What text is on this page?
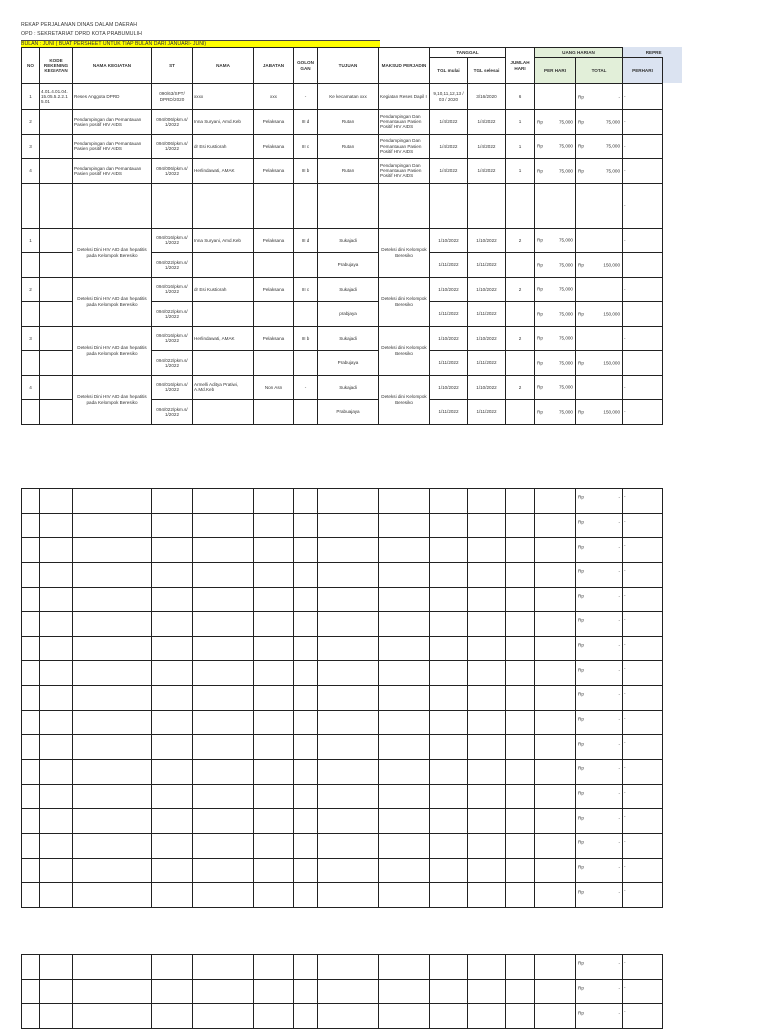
REKAP PERJALANAN DINAS DALAM DAERAH
OPD : SEKRETARIAT DPRD KOTA PRABUMULIH
BULAN : JUNI ( BUAT PERSHEET UNTUK TIAP BULAN DARI JANUARI- JUNI)
NO	KODE REKENING KEGIATAN	NAMA KEGIATAN	ST	NAMA	JABATAN	GOLON GAN	TUJUAN	MAKSUD PERJADIN	TANGGAL		JUMLAH HARI	UANG HARIAN		REPRE
									TGL mulai	TGL selesai		PER HARI	TOTAL	PERHARI
1	4.01.4.01.04. 15.05.5.2.2.1 5.01	Reses Anggota DPRD	090/63/SPT/ DPRD/2020	xxxx	xxx	-	Ke kecamatan xxx	Kegiatan Reses Dapil I	9,10,11,12,13 / 03 / 2020	3/16/2020	6		Rp -	-
2		Pendampingan dan Pemantauan Pasien positif HIV AIDS	094/006/pkm.s/ 1/2022	Inna Suryani, Amd.Keb	Pelaksana	III d	Rutan	Pendampingan Dan Pemantauan Pasien Positif HIV AIDS	1/4/2022	1/4/2022	1	Rp 75,000	Rp 75,000	-
3		Pendampingan dan Pemantauan Pasien positif HIV AIDS	094/006/pkm.s/ 1/2022	dr Esi Kustiorah	Pelaksana	III c	Rutan	Pendampingan Dan Pemantauan Pasien Positif HIV AIDS	1/4/2022	1/4/2022	1	Rp 75,000	Rp 75,000	-
4		Pendampingan dan Pemantauan Pasien positif HIV AIDS	094/006/pkm.s/ 1/2022	Herlindawati, AMAK	Pelaksana	III b	Rutan	Pendampingan Dan Pemantauan Pasien Positif HIV AIDS	1/4/2022	1/4/2022	1	Rp 75,000	Rp 75,000	-
														-
1		Deteksi Dini HIV AID dan hepatitis pada Kelompok Beresiko	094/016/pkm.s/ 1/2022	Inna Suryani, Amd.Keb	Pelaksana	III d	Sukajadi	Deteksi dini Kelompok Beresiko	1/10/2022	1/10/2022	2	Rp 75,000		-
			094/022/pkm.s/ 1/2022				Prabujaya		1/11/2022	1/11/2022		Rp 75,000	Rp 150,000	

2		Deteksi Dini HIV AID dan hepatitis pada Kelompok Beresiko	094/016/pkm.s/ 1/2022	dr Esi Kustiorah	Pelaksana	III c	Sukajadi	Deteksi dini Kelompok Beresiko	1/10/2022	1/10/2022	2	Rp 75,000		-
			094/022/pkm.s/ 1/2022				prabjaya		1/11/2022	1/11/2022		Rp 75,000	Rp 150,000	

3		Deteksi Dini HIV AID dan hepatitis pada Kelompok Beresiko	094/016/pkm.s/ 1/2022	Herlindawati, AMAK	Pelaksana	III b	Sukajadi	Deteksi dini Kelompok Beresiko	1/10/2022	1/10/2022	2	Rp 75,000		-
			094/022/pkm.s/ 1/2022				Prabujaya		1/11/2022	1/11/2022		Rp 75,000	Rp 150,000	

4		Deteksi Dini HIV AID dan hepatitis pada Kelompok Beresiko	094/016/pkm.s/ 1/2022	Armelli Aditya Pratiwi, A.Md.Keb	Non Asn	-	Sukajadi	Deteksi dini Kelompok Beresiko	1/10/2022	1/10/2022	2	Rp 75,000		-
			094/022/pkm.s/ 1/2022				Prabuajaya		1/11/2022	1/11/2022		Rp 75,000	Rp 150,000	-

													Rp -	-

													Rp -	-

													Rp -	-

													Rp -	-

													Rp -	-

													Rp -	-

													Rp -	-

													Rp -	-

													Rp -	-

													Rp -	-

													Rp -	-

													Rp -	-

													Rp -	-

													Rp -	-

													Rp -	-

													Rp -	-

													Rp -	-

													Rp -	-

													Rp -	-

													Rp -	-
